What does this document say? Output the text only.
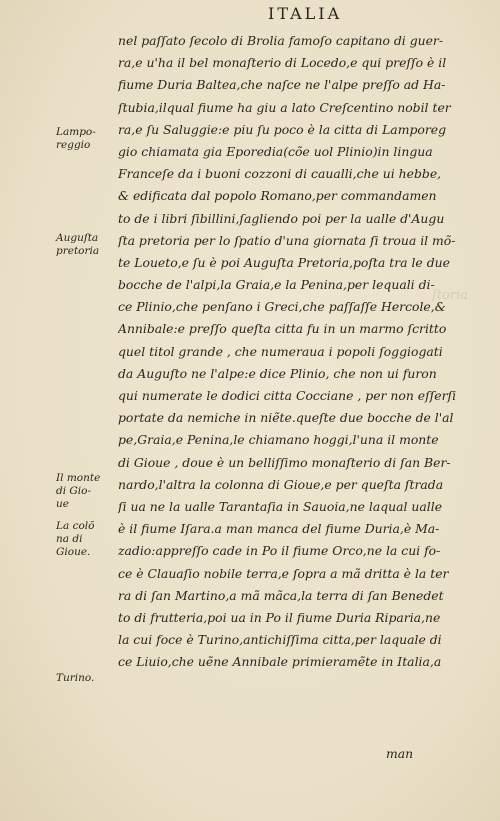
ſtoria
ITALIA
nel paſſato ſecolo di Brolia famoſo capitano di guer-
ra,e u'ha il bel monaſterio di Locedo,e qui preſſo è il
fiume Duria Baltea,che naſce ne l'alpe preſſo ad Ha-
ſtubia,ilqual fiume ha giu a lato Creſcentino nobil ter
ra,e ſu Saluggie:e piu ſu poco è la citta di Lamporeg
gio chiamata gia Eporedia(cõe uol Plinio)in lingua
Franceſe da i buoni cozzoni di caualli,che ui hebbe,
& edificata dal popolo Romano,per commandamen
to de i libri ſibillini,ſagliendo poi per la ualle d'Augu
ſta pretoria per lo ſpatio d'una giornata ſi troua il mõ-
te Loueto,e ſu è poi Auguſta Pretoria,poſta tra le due
bocche de l'alpi,la Graia,e la Penina,per lequali di-
ce Plinio,che penſano i Greci,che paſſaſſe Hercole,&
Annibale:e preſſo queſta citta fu in un marmo ſcritto
quel titol grande , che numeraua i popoli ſoggiogati
da Auguſto ne l'alpe:e dice Plinio, che non ui furon
qui numerate le dodici citta Cocciane , per non eſſerſi
portate da nemiche in niẽte.queſte due bocche de l'al
pe,Graia,e Penina,le chiamano hoggi,l'una il monte
di Gioue , doue è un belliſſimo monaſterio di ſan Ber-
nardo,l'altra la colonna di Gioue,e per queſta ſtrada
ſi ua ne la ualle Tarantaſia in Sauoia,ne laqual ualle
è il fiume Iſara.a man manca del fiume Duria,è Ma-
zadio:appreſſo cade in Po il fiume Orco,ne la cui fo-
ce è Clauaſio nobile terra,e ſopra a mã dritta è la ter
ra di ſan Martino,a mã mãca,la terra di ſan Benedet
to di frutteria,poi ua in Po il fiume Duria Riparia,ne
la cui foce è Turino,antichiſſima citta,per laquale di
ce Liuio,che uẽne Annibale primieramẽte in Italia,a
man
Lampo-
reggio
Auguſta
pretoria
Il monte
di Gio-
ue
La colõ
na di
Gioue.
Turino.
